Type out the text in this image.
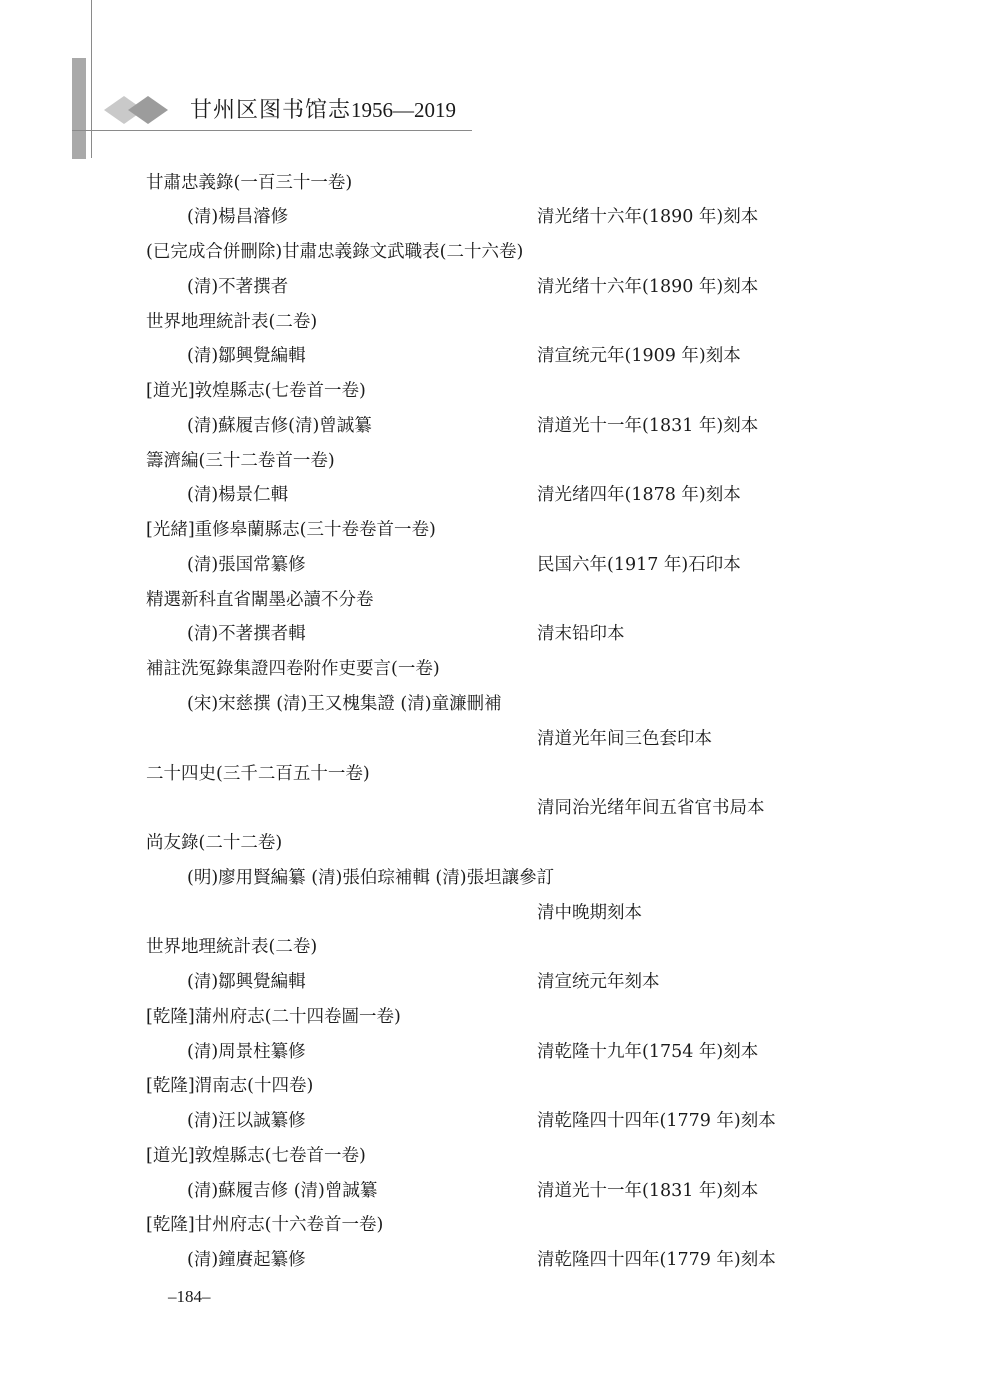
甘州区图书馆志1956—2019
甘肅忠義錄(一百三十一卷)
(清)楊昌濬修	清光绪十六年(1890 年)刻本
(已完成合併刪除)甘肅忠義錄文武職表(二十六卷)
(清)不著撰者	清光绪十六年(1890 年)刻本
世界地理統計表(二卷)
(清)鄒興覺編輯	清宣统元年(1909 年)刻本
[道光]敦煌縣志(七卷首一卷)
(清)蘇履吉修(清)曾誠纂	清道光十一年(1831 年)刻本
籌濟編(三十二卷首一卷)
(清)楊景仁輯	清光绪四年(1878 年)刻本
[光緒]重修皋蘭縣志(三十卷卷首一卷)
(清)張国常纂修	民国六年(1917 年)石印本
精選新科直省闈墨必讀不分卷
(清)不著撰者輯	清末铅印本
補註洗冤錄集證四卷附作吏要言(一卷)
(宋)宋慈撰 (清)王又槐集證 (清)童濂刪補
清道光年间三色套印本
二十四史(三千二百五十一卷)
清同治光绪年间五省官书局本
尚友錄(二十二卷)
(明)廖用賢編纂 (清)張伯琮補輯 (清)張坦讓參訂
清中晚期刻本
世界地理統計表(二卷)
(清)鄒興覺編輯	清宣统元年刻本
[乾隆]蒲州府志(二十四卷圖一卷)
(清)周景柱纂修	清乾隆十九年(1754 年)刻本
[乾隆]渭南志(十四卷)
(清)汪以誠纂修	清乾隆四十四年(1779 年)刻本
[道光]敦煌縣志(七卷首一卷)
(清)蘇履吉修 (清)曾誠纂	清道光十一年(1831 年)刻本
[乾隆]甘州府志(十六卷首一卷)
(清)鐘賡起纂修	清乾隆四十四年(1779 年)刻本
–184–
